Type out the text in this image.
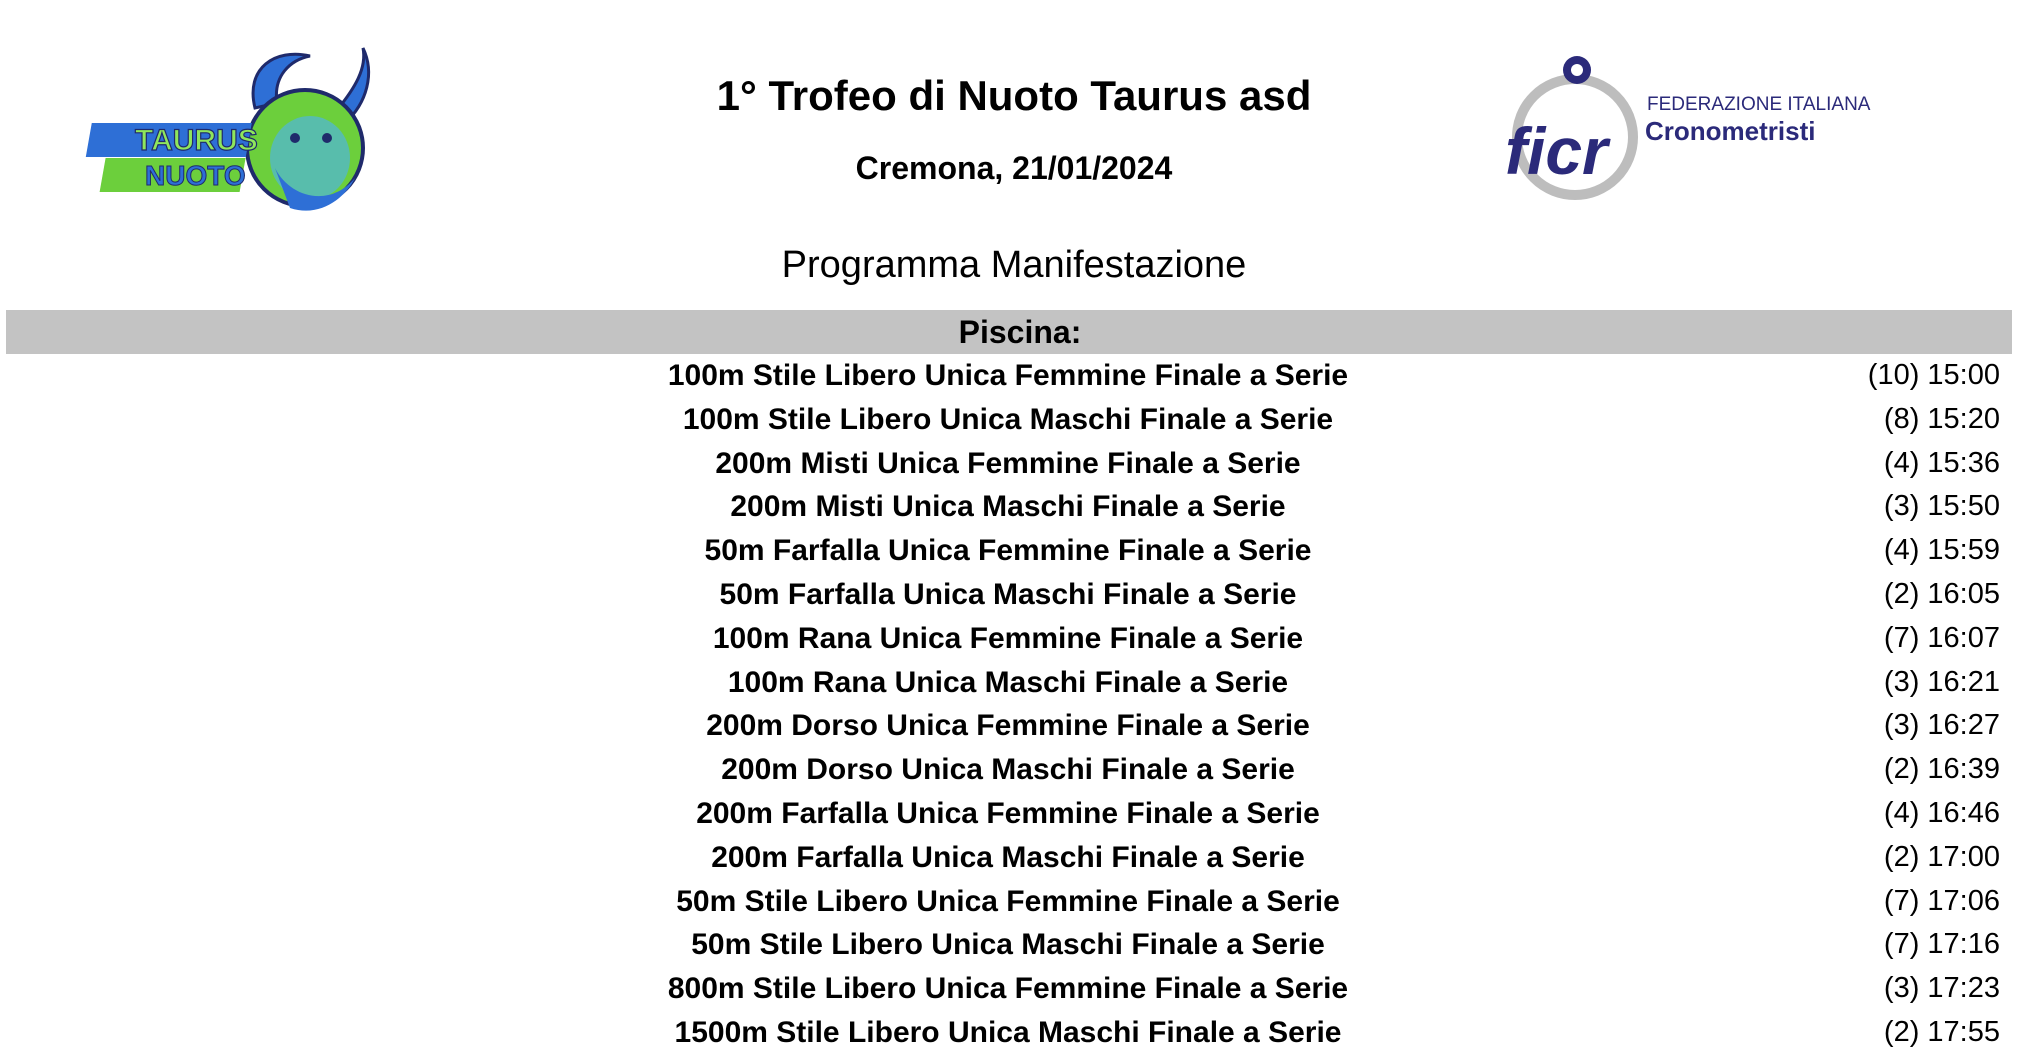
TAURUS
NUOTO
1° Trofeo di Nuoto Taurus asd
Cremona, 21/01/2024	ficr
FEDERAZIONE ITALIANA
Cronometristi
Programma Manifestazione
Piscina:
100m Stile Libero Unica Femmine Finale a Serie	(10) 15:00
100m Stile Libero Unica Maschi Finale a Serie	(8) 15:20
200m Misti Unica Femmine Finale a Serie	(4) 15:36
200m Misti Unica Maschi Finale a Serie	(3) 15:50
50m Farfalla Unica Femmine Finale a Serie	(4) 15:59
50m Farfalla Unica Maschi Finale a Serie	(2) 16:05
100m Rana Unica Femmine Finale a Serie	(7) 16:07
100m Rana Unica Maschi Finale a Serie	(3) 16:21
200m Dorso Unica Femmine Finale a Serie	(3) 16:27
200m Dorso Unica Maschi Finale a Serie	(2) 16:39
200m Farfalla Unica Femmine Finale a Serie	(4) 16:46
200m Farfalla Unica Maschi Finale a Serie	(2) 17:00
50m Stile Libero Unica Femmine Finale a Serie	(7) 17:06
50m Stile Libero Unica Maschi Finale a Serie	(7) 17:16
800m Stile Libero Unica Femmine Finale a Serie	(3) 17:23
1500m Stile Libero Unica Maschi Finale a Serie	(2) 17:55
